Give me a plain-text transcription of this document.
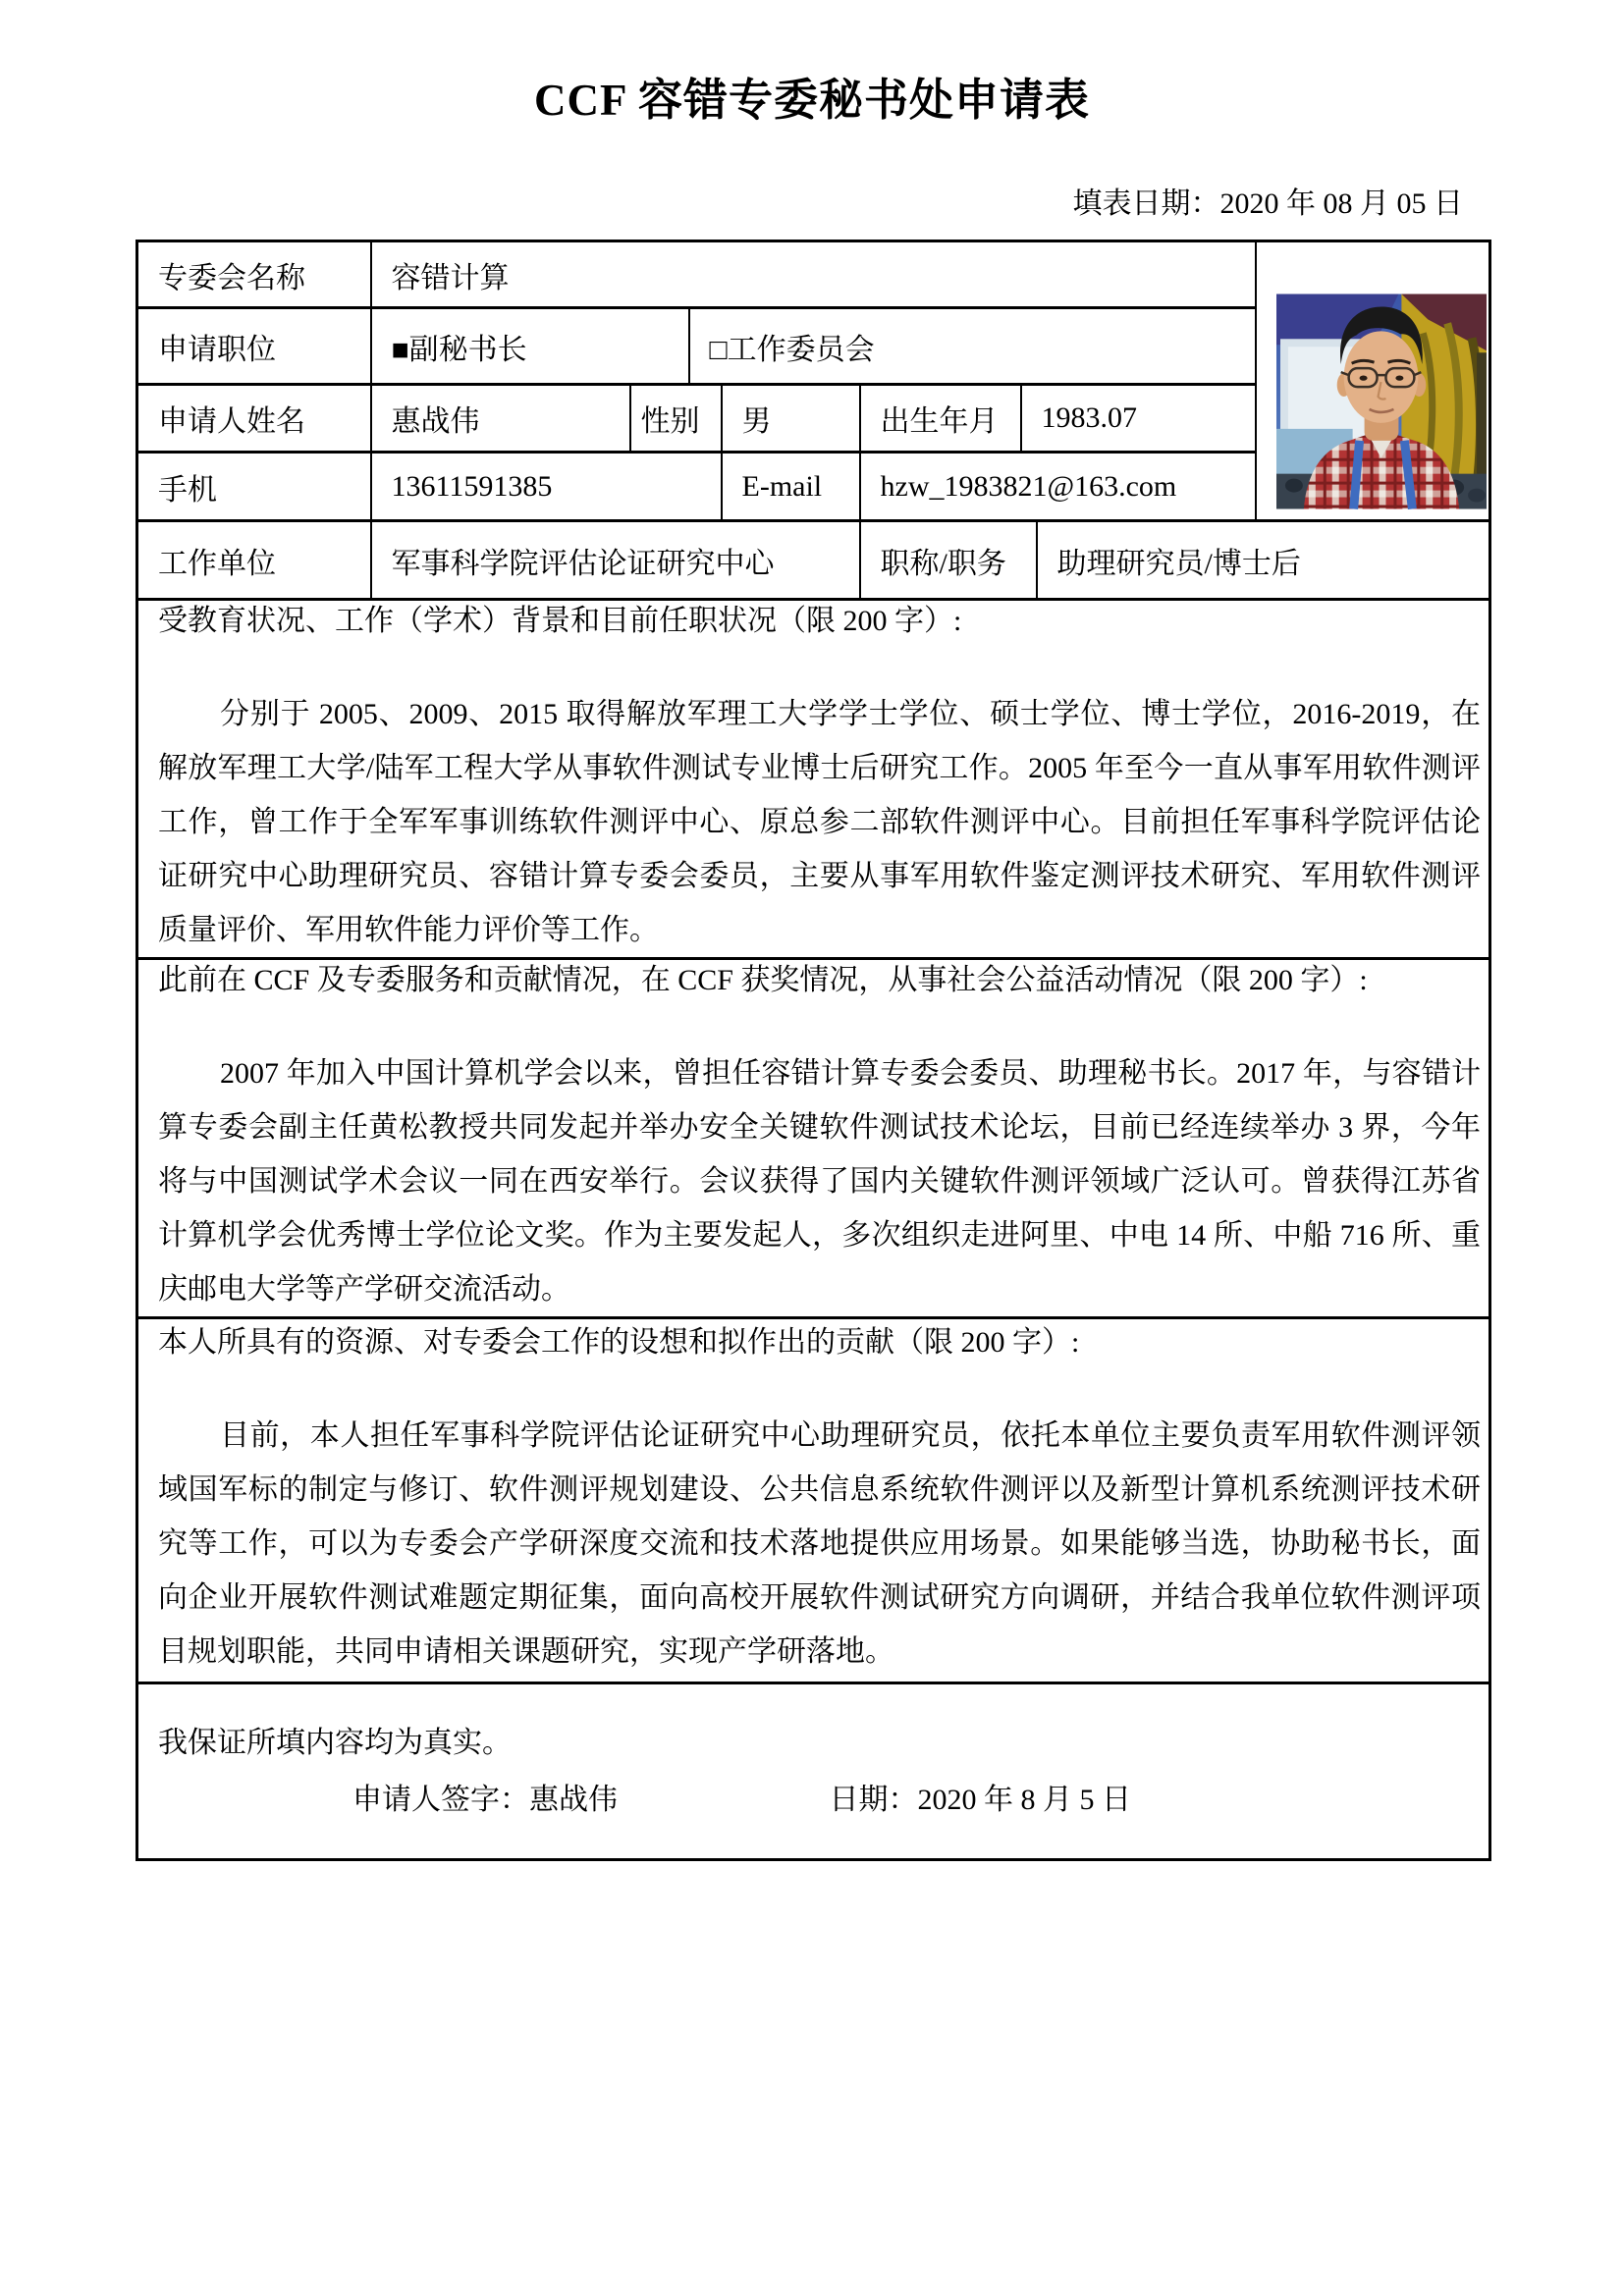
CCF 容错专委秘书处申请表
填表日期：2020 年 08 月 05 日
专委会名称	容错计算	

申请职位	■副秘书长		□工作委员会					
申请人姓名	惠战伟	性别		男	出生年月	1983.07		
手机	13611591385			E-mail	hzw_1983821@163.com			
工作单位	军事科学院评估论证研究中心				职称/职务		助理研究员/博士后	

受教育状况、工作（学术）背景和目前任职状况（限 200 字）:

分别于 2005、2009、2015 取得解放军理工大学学士学位、硕士学位、博士学位，2016-2019，在解放军理工大学/陆军工程大学从事软件测试专业博士后研究工作。2005 年至今一直从事军用软件测评工作，曾工作于全军军事训练软件测评中心、原总参二部软件测评中心。目前担任军事科学院评估论证研究中心助理研究员、容错计算专委会委员，主要从事军用软件鉴定测评技术研究、军用软件测评质量评价、军用软件能力评价等工作。								

此前在 CCF 及专委服务和贡献情况，在 CCF 获奖情况，从事社会公益活动情况（限 200 字）:

2007 年加入中国计算机学会以来，曾担任容错计算专委会委员、助理秘书长。2017 年，与容错计算专委会副主任黄松教授共同发起并举办安全关键软件测试技术论坛，目前已经连续举办 3 界，今年将与中国测试学术会议一同在西安举行。会议获得了国内关键软件测评领域广泛认可。曾获得江苏省计算机学会优秀博士学位论文奖。作为主要发起人，多次组织走进阿里、中电 14 所、中船 716 所、重庆邮电大学等产学研交流活动。								

本人所具有的资源、对专委会工作的设想和拟作出的贡献（限 200 字）:

目前，本人担任军事科学院评估论证研究中心助理研究员，依托本单位主要负责军用软件测评领域国军标的制定与修订、软件测评规划建设、公共信息系统软件测评以及新型计算机系统测评技术研究等工作，可以为专委会产学研深度交流和技术落地提供应用场景。如果能够当选，协助秘书长，面向企业开展软件测试难题定期征集，面向高校开展软件测试研究方向调研，并结合我单位软件测评项目规划职能，共同申请相关课题研究，实现产学研落地。								

我保证所填内容均为真实。
申请人签字：惠战伟 日期：2020 年 8 月 5 日								
